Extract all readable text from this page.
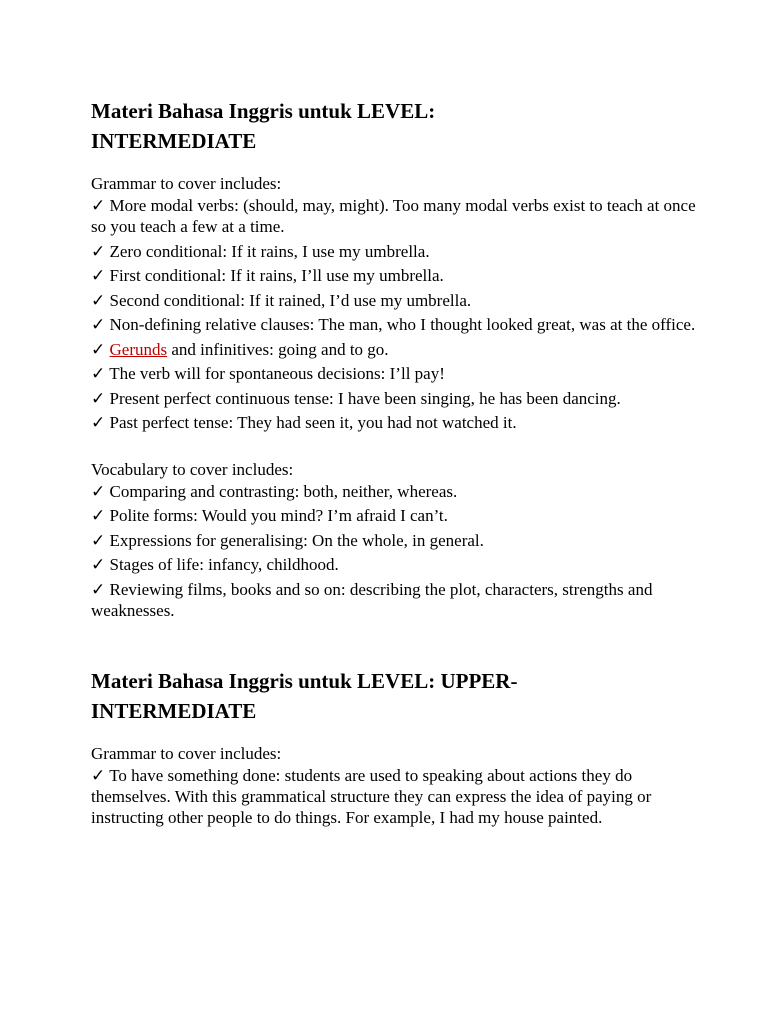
Materi Bahasa Inggris untuk LEVEL:
INTERMEDIATE

Grammar to cover includes:

✓ More modal verbs: (should, may, might). Too many modal verbs exist to teach at once so you teach a few at a time.
✓ Zero conditional: If it rains, I use my umbrella.
✓ First conditional: If it rains, I’ll use my umbrella.
✓ Second conditional: If it rained, I’d use my umbrella.
✓ Non-defining relative clauses: The man, who I thought looked great, was at the office.
✓ Gerunds and infinitives: going and to go.
✓ The verb will for spontaneous decisions: I’ll pay!
✓ Present perfect continuous tense: I have been singing, he has been dancing.
✓ Past perfect tense: They had seen it, you had not watched it.

Vocabulary to cover includes:

✓ Comparing and contrasting: both, neither, whereas.
✓ Polite forms: Would you mind? I’m afraid I can’t.
✓ Expressions for generalising: On the whole, in general.
✓ Stages of life: infancy, childhood.
✓ Reviewing films, books and so on: describing the plot, characters, strengths and weaknesses.
Materi Bahasa Inggris untuk LEVEL: UPPER-
INTERMEDIATE

Grammar to cover includes:

✓ To have something done: students are used to speaking about actions they do themselves. With this grammatical structure they can express the idea of paying or instructing other people to do things. For example, I had my house painted.
